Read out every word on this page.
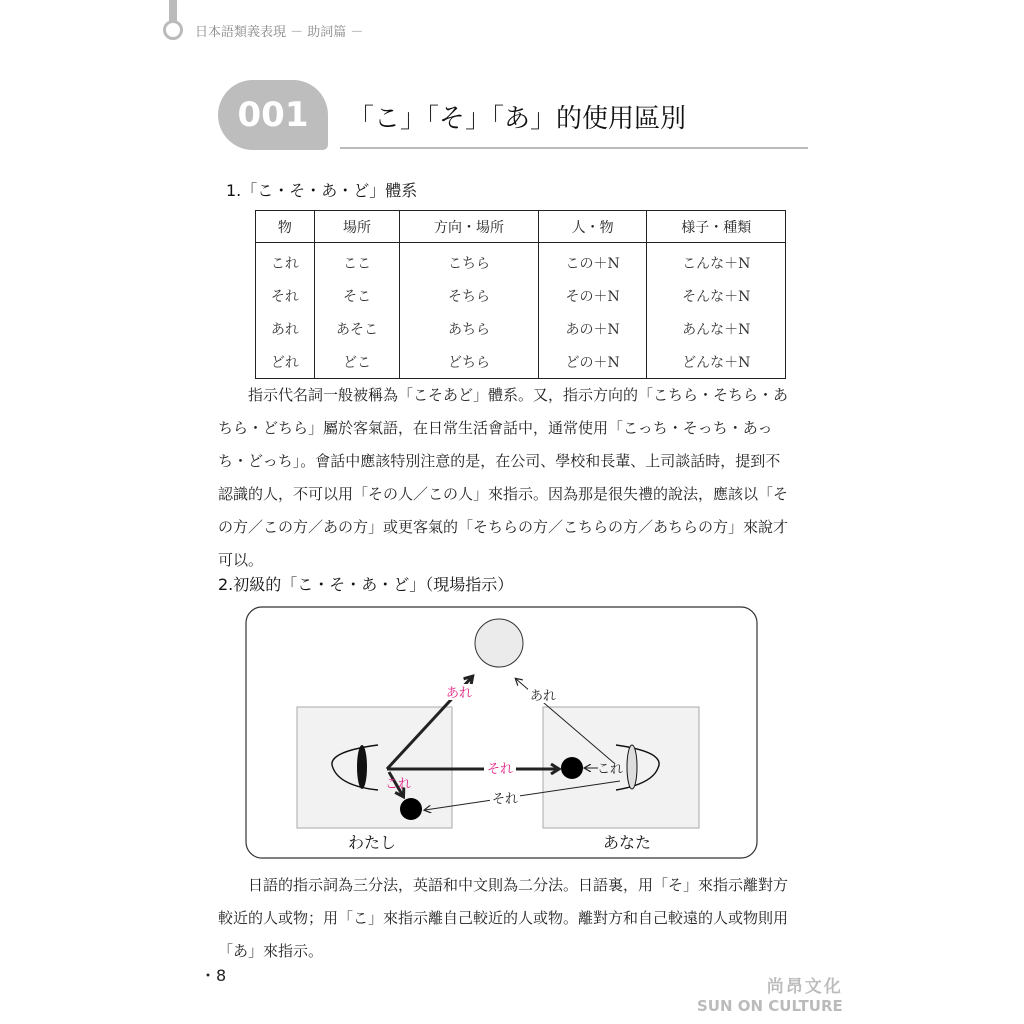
日本語類義表現 － 助詞篇 －
001	「こ」「そ」「あ」的使用區別
1.「こ・そ・あ・ど」體系
物	場所	方向・場所	人・物	様子・種類
これ	ここ	こちら	この＋N	こんな＋N
それ	そこ	そちら	その＋N	そんな＋N
あれ	あそこ	あちら	あの＋N	あんな＋N
どれ	どこ	どちら	どの＋N	どんな＋N
　　指示代名詞一般被稱為「こそあど」體系。又，指示方向的「こちら・そちら・あ
ちら・どちら」屬於客氣語，在日常生活會話中，通常使用「こっち・そっち・あっ
ち・どっち」。會話中應該特別注意的是，在公司、學校和長輩、上司談話時，提到不
認識的人，不可以用「その人／この人」來指示。因為那是很失禮的說法，應該以「そ
の方／この方／あの方」或更客氣的「そちらの方／こちらの方／あちらの方」來說才
可以。
2.初級的「こ・そ・あ・ど」（現場指示）
あれ
それ
これ
あれ
これ
それ
わたし	あなた
　　日語的指示詞為三分法，英語和中文則為二分法。日語裏，用「そ」來指示離對方
較近的人或物；用「こ」來指示離自己較近的人或物。離對方和自己較遠的人或物則用
「あ」來指示。
・8
尚昂文化
SUN ON CULTURE
